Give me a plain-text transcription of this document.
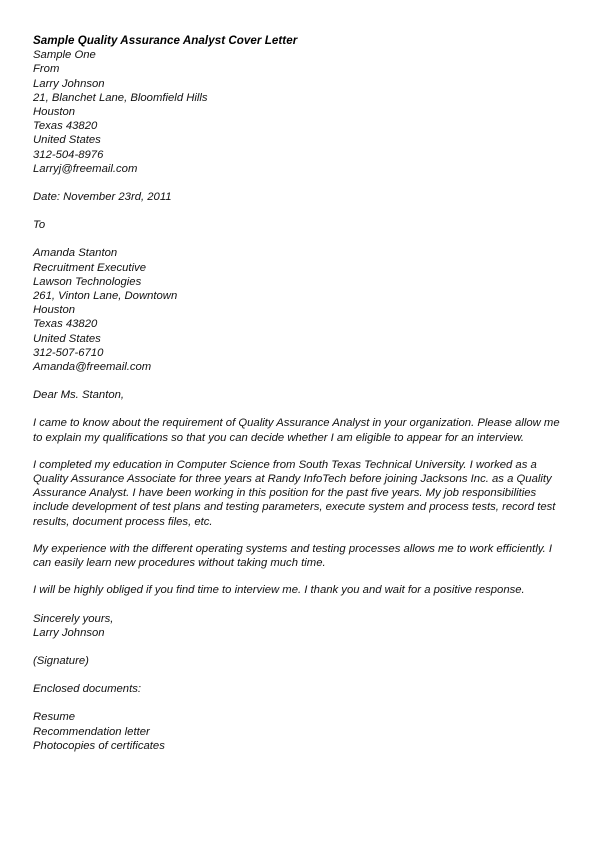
Sample Quality Assurance Analyst Cover Letter
Sample One
From
Larry Johnson
21, Blanchet Lane, Bloomfield Hills
Houston
Texas 43820
United States
312-504-8976
Larryj@freemail.com
Date: November 23rd, 2011
To
Amanda Stanton
Recruitment Executive
Lawson Technologies
261, Vinton Lane, Downtown
Houston
Texas 43820
United States
312-507-6710
Amanda@freemail.com
Dear Ms. Stanton,
I came to know about the requirement of Quality Assurance Analyst in your organization. Please allow me to explain my qualifications so that you can decide whether I am eligible to appear for an interview.
I completed my education in Computer Science from South Texas Technical University. I worked as a Quality Assurance Associate for three years at Randy InfoTech before joining Jacksons Inc. as a Quality Assurance Analyst. I have been working in this position for the past five years. My job responsibilities include development of test plans and testing parameters, execute system and process tests, record test results, document process files, etc.
My experience with the different operating systems and testing processes allows me to work efficiently. I can easily learn new procedures without taking much time.
I will be highly obliged if you find time to interview me. I thank you and wait for a positive response.
Sincerely yours,
Larry Johnson
(Signature)
Enclosed documents:
Resume
Recommendation letter
Photocopies of certificates
